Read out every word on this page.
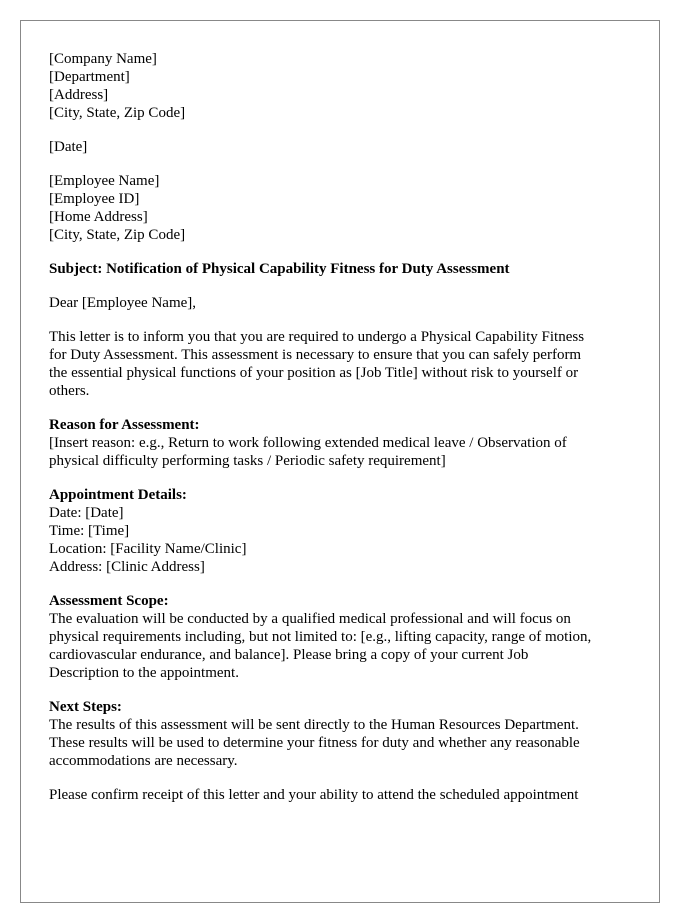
[Company Name]
[Department]
[Address]
[City, State, Zip Code]
[Date]
[Employee Name]
[Employee ID]
[Home Address]
[City, State, Zip Code]
Subject: Notification of Physical Capability Fitness for Duty Assessment
Dear [Employee Name],
This letter is to inform you that you are required to undergo a Physical Capability Fitness
for Duty Assessment. This assessment is necessary to ensure that you can safely perform
the essential physical functions of your position as [Job Title] without risk to yourself or
others.
Reason for Assessment:
[Insert reason: e.g., Return to work following extended medical leave / Observation of
physical difficulty performing tasks / Periodic safety requirement]
Appointment Details:
Date: [Date]
Time: [Time]
Location: [Facility Name/Clinic]
Address: [Clinic Address]
Assessment Scope:
The evaluation will be conducted by a qualified medical professional and will focus on
physical requirements including, but not limited to: [e.g., lifting capacity, range of motion,
cardiovascular endurance, and balance]. Please bring a copy of your current Job
Description to the appointment.
Next Steps:
The results of this assessment will be sent directly to the Human Resources Department.
These results will be used to determine your fitness for duty and whether any reasonable
accommodations are necessary.
Please confirm receipt of this letter and your ability to attend the scheduled appointment
